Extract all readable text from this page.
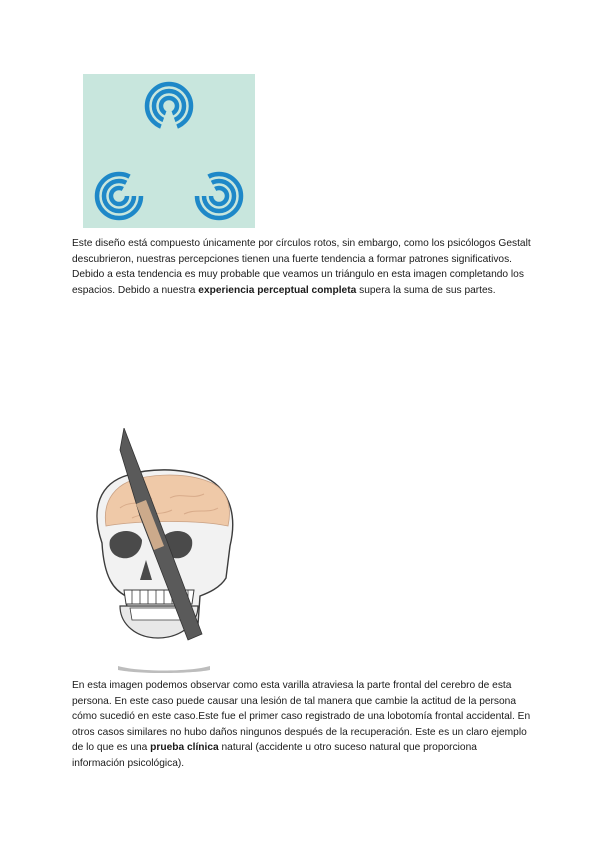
Este diseño está compuesto únicamente por círculos rotos, sin embargo, como los psicólogos Gestalt descubrieron, nuestras percepciones tienen una fuerte tendencia a formar patrones significativos. Debido a esta tendencia es muy probable que veamos un triángulo en esta imagen completando los espacios. Debido a nuestra experiencia perceptual completa supera la suma de sus partes.

En esta imagen podemos observar como esta varilla atraviesa la parte frontal del cerebro de esta persona. En este caso puede causar una lesión de tal manera que cambie la actitud de la persona cómo sucedió en este caso.Este fue el primer caso registrado de una lobotomía frontal accidental. En otros casos similares no hubo daños ningunos después de la recuperación. Este es un claro ejemplo de lo que es una prueba clínica natural (accidente u otro suceso natural que proporciona información psicológica).
